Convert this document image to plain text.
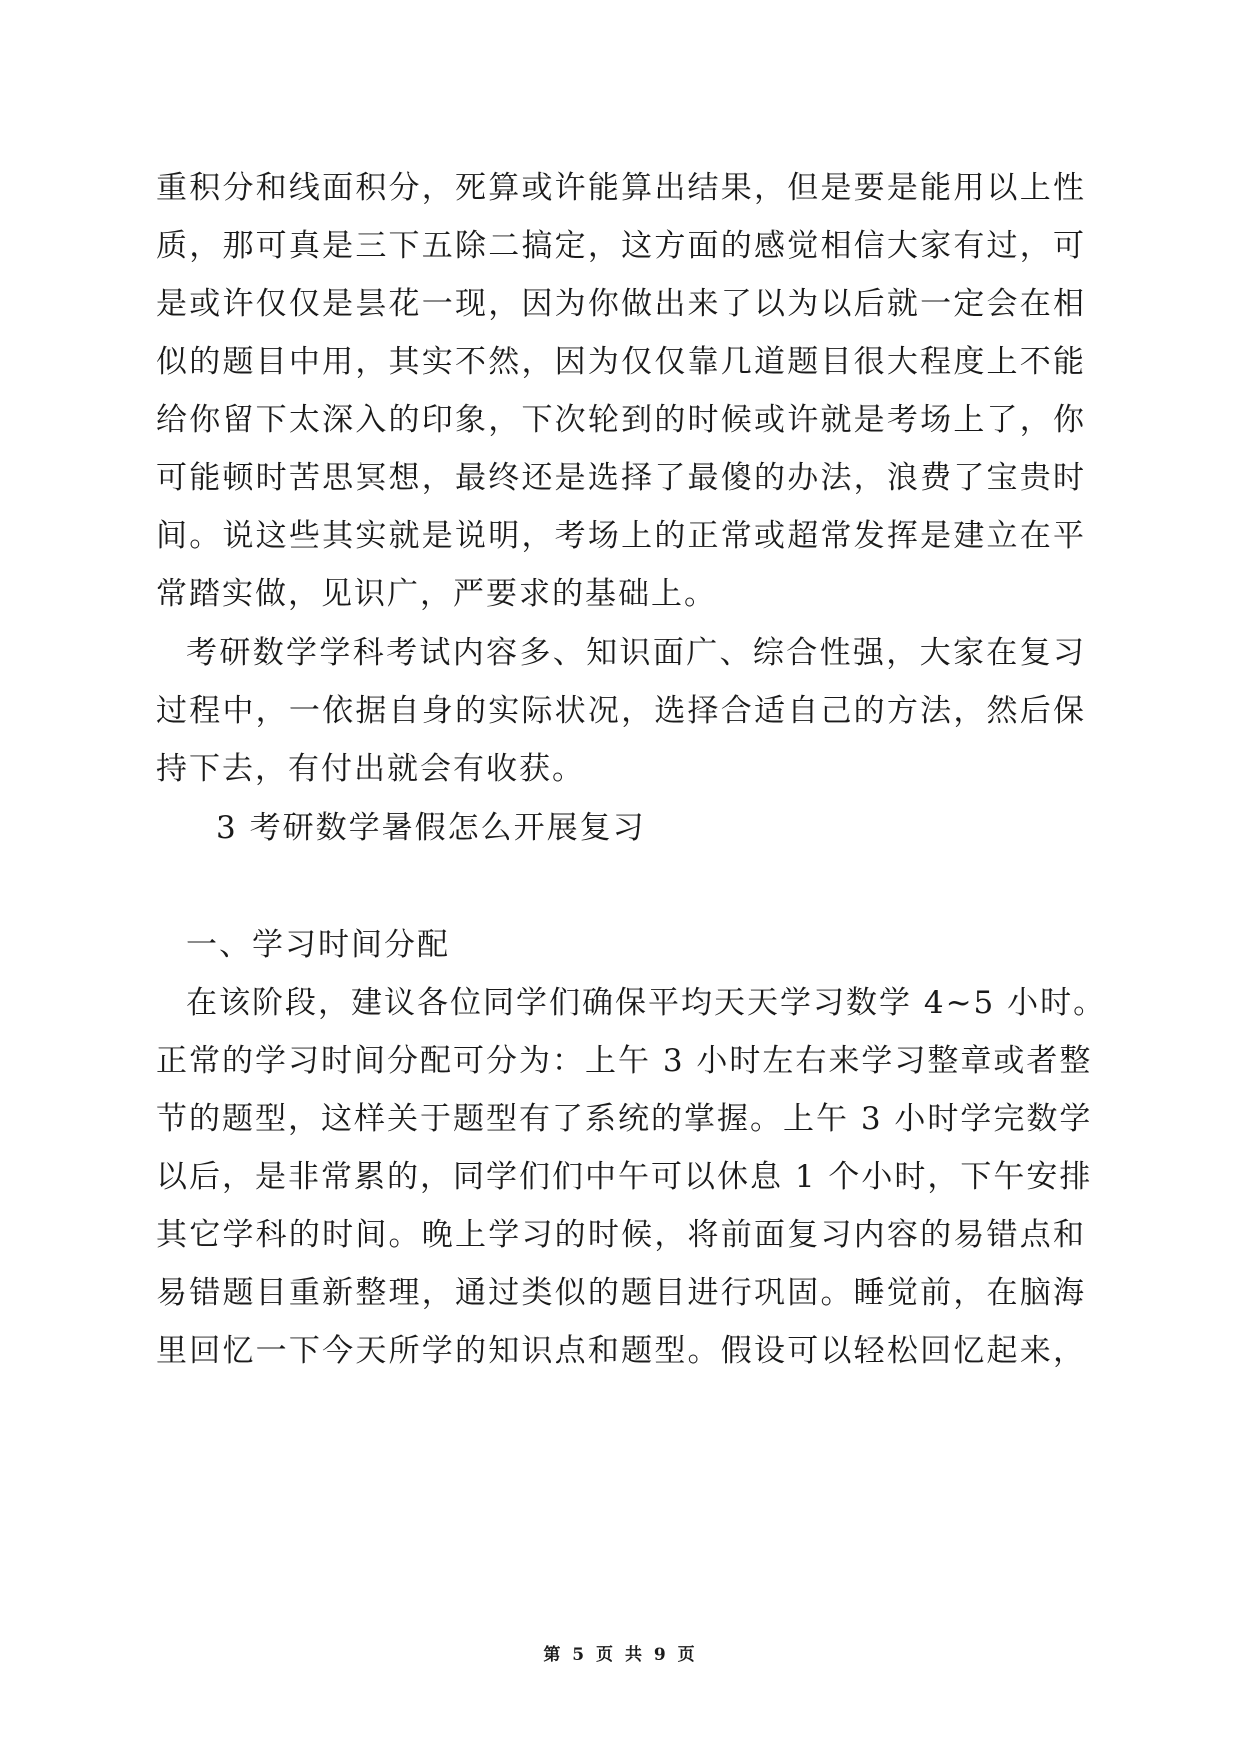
重积分和线面积分，死算或许能算出结果，但是要是能用以上性
质，那可真是三下五除二搞定，这方面的感觉相信大家有过，可
是或许仅仅是昙花一现，因为你做出来了以为以后就一定会在相
似的题目中用，其实不然，因为仅仅靠几道题目很大程度上不能
给你留下太深入的印象，下次轮到的时候或许就是考场上了，你
可能顿时苦思冥想，最终还是选择了最傻的办法，浪费了宝贵时
间。说这些其实就是说明，考场上的正常或超常发挥是建立在平
常踏实做，见识广，严要求的基础上。
考研数学学科考试内容多、知识面广、综合性强，大家在复习
过程中，一依据自身的实际状况，选择合适自己的方法，然后保
持下去，有付出就会有收获。
3 考研数学暑假怎么开展复习
一、学习时间分配
在该阶段，建议各位同学们确保平均天天学习数学 4~5 小时。
正常的学习时间分配可分为：上午 3 小时左右来学习整章或者整
节的题型，这样关于题型有了系统的掌握。上午 3 小时学完数学
以后，是非常累的，同学们们中午可以休息 1 个小时，下午安排
其它学科的时间。晚上学习的时候，将前面复习内容的易错点和
易错题目重新整理，通过类似的题目进行巩固。睡觉前，在脑海
里回忆一下今天所学的知识点和题型。假设可以轻松回忆起来，
第 5 页 共 9 页
